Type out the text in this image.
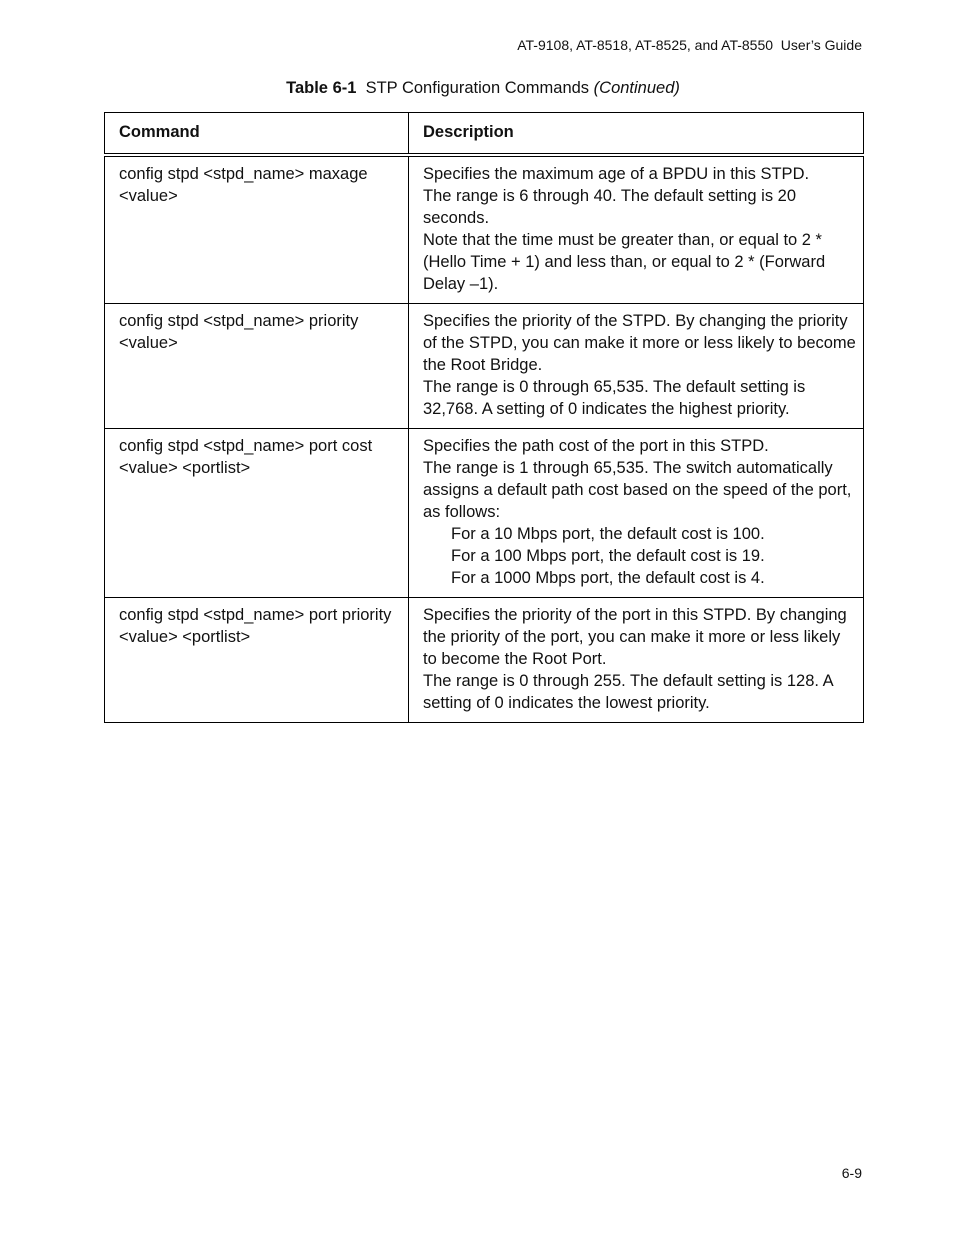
AT-9108, AT-8518, AT-8525, and AT-8550  User’s Guide
Table 6-1 STP Configuration Commands (Continued)
Command	Description
config stpd <stpd_name> maxage <value>	Specifies the maximum age of a BPDU in this STPD.
The range is 6 through 40. The default setting is 20 seconds.
Note that the time must be greater than, or equal to 2 * (Hello Time + 1) and less than, or equal to 2 * (Forward Delay –1).

config stpd <stpd_name> priority <value>	Specifies the priority of the STPD. By changing the priority of the STPD, you can make it more or less likely to become the Root Bridge.
The range is 0 through 65,535. The default setting is 32,768. A setting of 0 indicates the highest priority.

config stpd <stpd_name> port cost <value> <portlist>	Specifies the path cost of the port in this STPD.
The range is 1 through 65,535. The switch automatically assigns a default path cost based on the speed of the port, as follows:
For a 10 Mbps port, the default cost is 100.
For a 100 Mbps port, the default cost is 19.
For a 1000 Mbps port, the default cost is 4.

config stpd <stpd_name> port priority <value> <portlist>	Specifies the priority of the port in this STPD. By changing the priority of the port, you can make it more or less likely to become the Root Port.
The range is 0 through 255. The default setting is 128. A setting of 0 indicates the lowest priority.
6-9
